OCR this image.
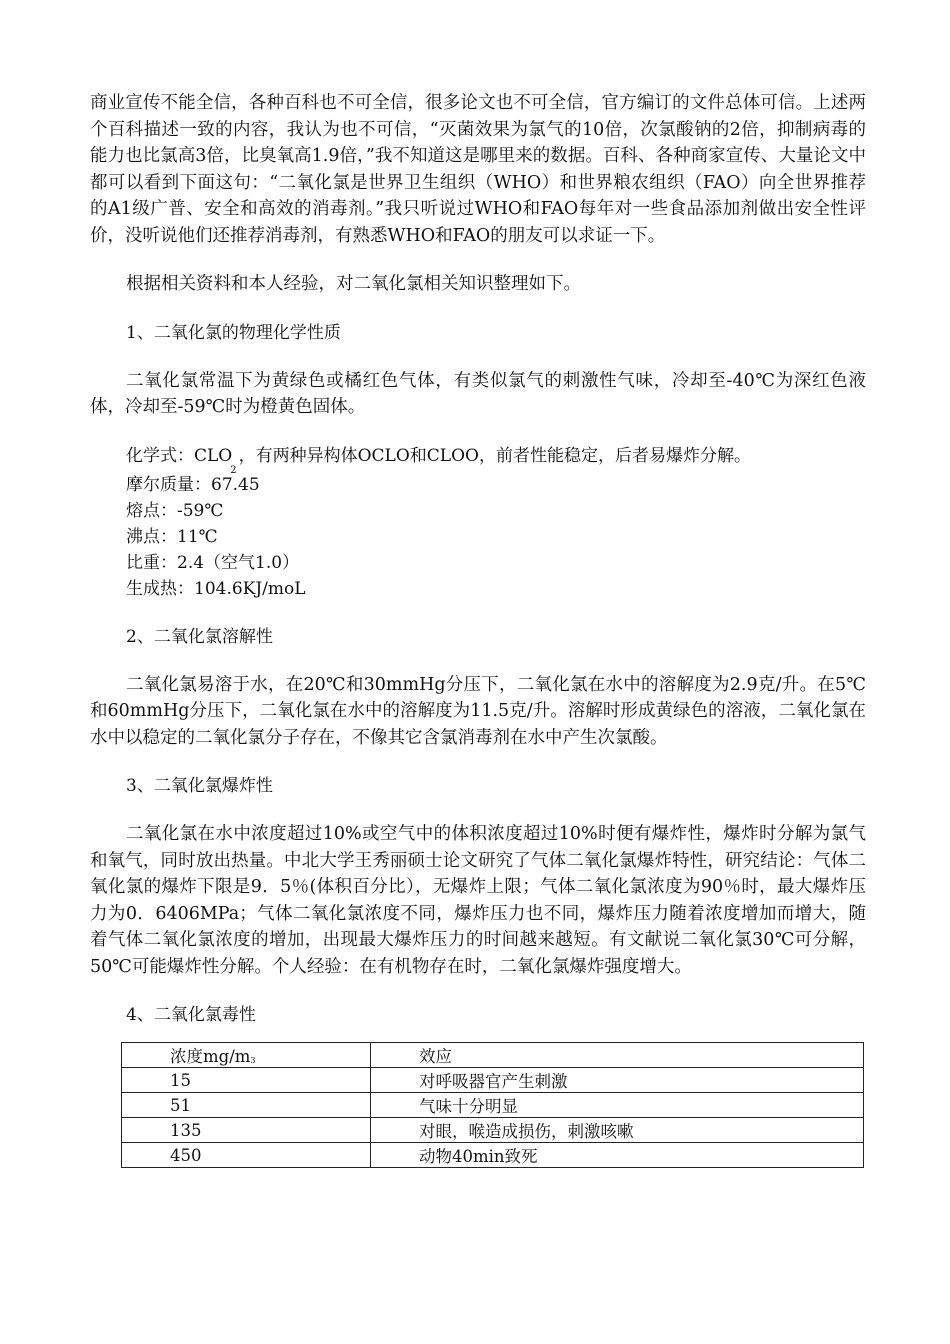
商业宣传不能全信，各种百科也不可全信，很多论文也不可全信，官方编订的文件总体可信。上述两个百科描述一致的内容，我认为也不可信，“灭菌效果为氯气的10倍，次氯酸钠的2倍，抑制病毒的能力也比氯高3倍，比臭氧高1.9倍，”我不知道这是哪里来的数据。百科、各种商家宣传、大量论文中都可以看到下面这句：“二氧化氯是世界卫生组织（WHO）和世界粮农组织（FAO）向全世界推荐的A1级广普、安全和高效的消毒剂。”我只听说过WHO和FAO每年对一些食品添加剂做出安全性评价，没听说他们还推荐消毒剂，有熟悉WHO和FAO的朋友可以求证一下。

根据相关资料和本人经验，对二氧化氯相关知识整理如下。

1、二氧化氯的物理化学性质

二氧化氯常温下为黄绿色或橘红色气体，有类似氯气的刺激性气味，冷却至-40℃为深红色液体，冷却至-59℃时为橙黄色固体。

化学式：$CLO_2$，有两种异构体OCLO和CLOO，前者性能稳定，后者易爆炸分解。
摩尔质量：67.45
熔点：-59℃
沸点：11℃
比重：2.4（空气1.0）
生成热：104.6KJ/moL

2、二氧化氯溶解性

二氧化氯易溶于水，在20℃和30mmHg分压下，二氧化氯在水中的溶解度为2.9克/升。在5℃和60mmHg分压下，二氧化氯在水中的溶解度为11.5克/升。溶解时形成黄绿色的溶液，二氧化氯在水中以稳定的二氧化氯分子存在，不像其它含氯消毒剂在水中产生次氯酸。

3、二氧化氯爆炸性

二氧化氯在水中浓度超过10%或空气中的体积浓度超过10%时便有爆炸性，爆炸时分解为氯气和氧气，同时放出热量。中北大学王秀丽硕士论文研究了气体二氧化氯爆炸特性，研究结论：气体二氧化氯的爆炸下限是9．5％(体积百分比），无爆炸上限；气体二氧化氯浓度为90％时，最大爆炸压力为0．6406MPa；气体二氧化氯浓度不同，爆炸压力也不同，爆炸压力随着浓度增加而增大，随着气体二氧化氯浓度的增加，出现最大爆炸压力的时间越来越短。有文献说二氧化氯30℃可分解，50℃可能爆炸性分解。个人经验：在有机物存在时，二氧化氯爆炸强度增大。

4、二氧化氯毒性

浓度mg/m3	效应
15	对呼吸器官产生刺激
51	气味十分明显
135	对眼，喉造成损伤，刺激咳嗽
450	动物40min致死
